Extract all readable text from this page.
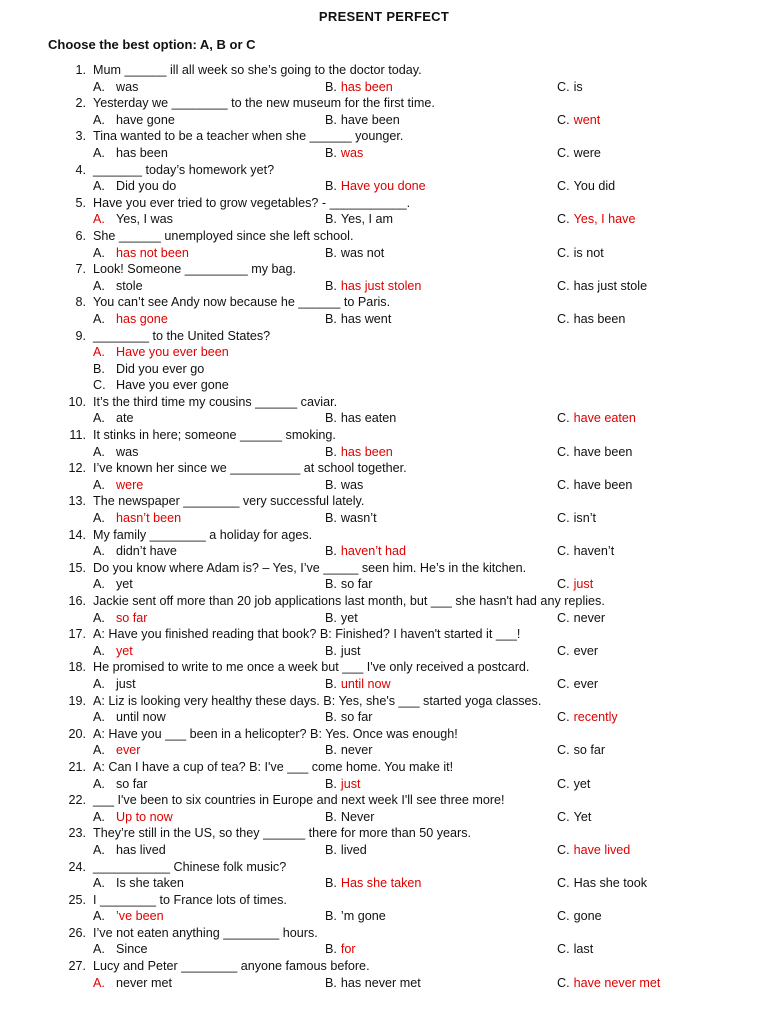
PRESENT PERFECT
Choose the best option: A, B or C
1. Mum ______ ill all week so she’s going to the doctor today.
A. was	B. has been	C. is
2. Yesterday we ________ to the new museum for the first time.
A. have gone	B. have been	C. went
3. Tina wanted to be a teacher when she ______ younger.
A. has been	B. was	C. were
4. _______ today’s homework yet?
A. Did you do	B. Have you done	C. You did
5. Have you ever tried to grow vegetables? - ___________.
A. Yes, I was	B. Yes, I am	C. Yes, I have
6. She ______ unemployed since she left school.
A. has not been	B. was not	C. is not
7. Look! Someone _________ my bag.
A. stole	B. has just stolen	C. has just stole
8. You can’t see Andy now because he ______ to Paris.
A. has gone	B. has went	C. has been
9. ________ to the United States?
A. Have you ever been
B. Did you ever go
C. Have you ever gone
10. It’s the third time my cousins ______ caviar.
A. ate	B. has eaten	C. have eaten
11. It stinks in here; someone ______ smoking.
A. was	B. has been	C. have been
12. I’ve known her since we __________ at school together.
A. were	B. was	C. have been
13. The newspaper ________ very successful lately.
A. hasn’t been	B. wasn’t	C. isn’t
14. My family ________ a holiday for ages.
A. didn’t have	B. haven’t had	C. haven’t
15. Do you know where Adam is? – Yes, I’ve _____ seen him. He’s in the kitchen.
A. yet	B. so far	C. just
16. Jackie sent off more than 20 job applications last month, but ___ she hasn't had any replies.
A. so far	B. yet	C. never
17. A: Have you finished reading that book? B: Finished? I haven't started it ___!
A. yet	B. just	C. ever
18. He promised to write to me once a week but ___ I've only received a postcard.
A. just	B. until now	C. ever
19. A: Liz is looking very healthy these days. B: Yes, she's ___ started yoga classes.
A. until now	B. so far	C. recently
20. A: Have you ___ been in a helicopter? B: Yes. Once was enough!
A. ever	B. never	C. so far
21. A: Can I have a cup of tea? B: I've ___ come home. You make it!
A. so far	B. just	C. yet
22. ___ I've been to six countries in Europe and next week I'll see three more!
A. Up to now	B. Never	C. Yet
23. They’re still in the US, so they ______ there for more than 50 years.
A. has lived	B. lived	C. have lived
24. ___________ Chinese folk music?
A. Is she taken	B. Has she taken	C. Has she took
25. I ________ to France lots of times.
A. ’ve been	B. ’m gone	C. gone
26. I’ve not eaten anything ________ hours.
A. Since	B. for	C. last
27. Lucy and Peter ________ anyone famous before.
A. never met	B. has never met	C. have never met
